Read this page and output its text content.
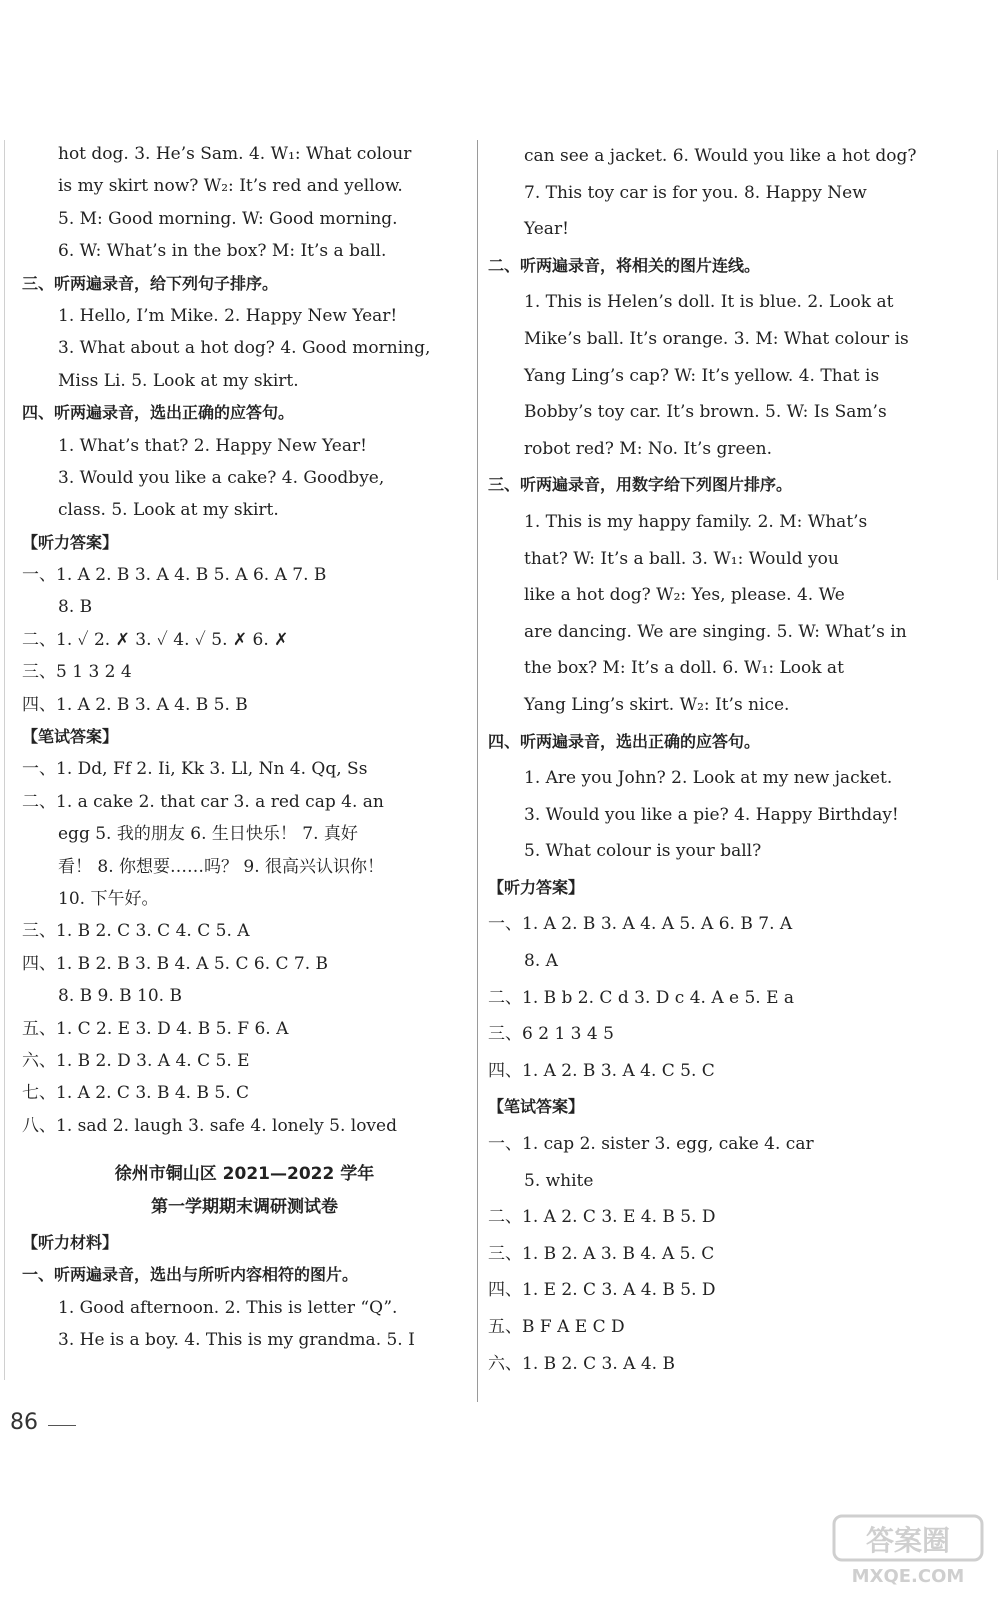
hot dog. 3. He’s Sam. 4. W₁: What colour
is my skirt now? W₂: It’s red and yellow.
5. M: Good morning. W: Good morning.
6. W: What’s in the box? M: It’s a ball.
三、听两遍录音，给下列句子排序。
1. Hello, I’m Mike. 2. Happy New Year!
3. What about a hot dog? 4. Good morning,
Miss Li. 5. Look at my skirt.
四、听两遍录音，选出正确的应答句。
1. What’s that? 2. Happy New Year!
3. Would you like a cake? 4. Goodbye,
class. 5. Look at my skirt.
【听力答案】
一、1. A 2. B 3. A 4. B 5. A 6. A 7. B
8. B
二、1. ✓ 2. ✗ 3. ✓ 4. ✓ 5. ✗ 6. ✗
三、5 1 3 2 4
四、1. A 2. B 3. A 4. B 5. B
【笔试答案】
一、1. Dd, Ff 2. Ii, Kk 3. Ll, Nn 4. Qq, Ss
二、1. a cake 2. that car 3. a red cap 4. an
egg 5. 我的朋友 6. 生日快乐！ 7. 真好
看！ 8. 你想要……吗？ 9. 很高兴认识你！
10. 下午好。
三、1. B 2. C 3. C 4. C 5. A
四、1. B 2. B 3. B 4. A 5. C 6. C 7. B
8. B 9. B 10. B
五、1. C 2. E 3. D 4. B 5. F 6. A
六、1. B 2. D 3. A 4. C 5. E
七、1. A 2. C 3. B 4. B 5. C
八、1. sad 2. laugh 3. safe 4. lonely 5. loved
徐州市铜山区 2021—2022 学年
第一学期期末调研测试卷
【听力材料】
一、听两遍录音，选出与所听内容相符的图片。
1. Good afternoon. 2. This is letter “Q”.
3. He is a boy. 4. This is my grandma. 5. I
can see a jacket. 6. Would you like a hot dog?
7. This toy car is for you. 8. Happy New
Year!
二、听两遍录音，将相关的图片连线。
1. This is Helen’s doll. It is blue. 2. Look at
Mike’s ball. It’s orange. 3. M: What colour is
Yang Ling’s cap? W: It’s yellow. 4. That is
Bobby’s toy car. It’s brown. 5. W: Is Sam’s
robot red? M: No. It’s green.
三、听两遍录音，用数字给下列图片排序。
1. This is my happy family. 2. M: What’s
that? W: It’s a ball. 3. W₁: Would you
like a hot dog? W₂: Yes, please. 4. We
are dancing. We are singing. 5. W: What’s in
the box? M: It’s a doll. 6. W₁: Look at
Yang Ling’s skirt. W₂: It’s nice.
四、听两遍录音，选出正确的应答句。
1. Are you John? 2. Look at my new jacket.
3. Would you like a pie? 4. Happy Birthday!
5. What colour is your ball?
【听力答案】
一、1. A 2. B 3. A 4. A 5. A 6. B 7. A
8. A
二、1. B b 2. C d 3. D c 4. A e 5. E a
三、6 2 1 3 4 5
四、1. A 2. B 3. A 4. C 5. C
【笔试答案】
一、1. cap 2. sister 3. egg, cake 4. car
5. white
二、1. A 2. C 3. E 4. B 5. D
三、1. B 2. A 3. B 4. A 5. C
四、1. E 2. C 3. A 4. B 5. D
五、B F A E C D
六、1. B 2. C 3. A 4. B
86
答案圈
MXQE.COM
